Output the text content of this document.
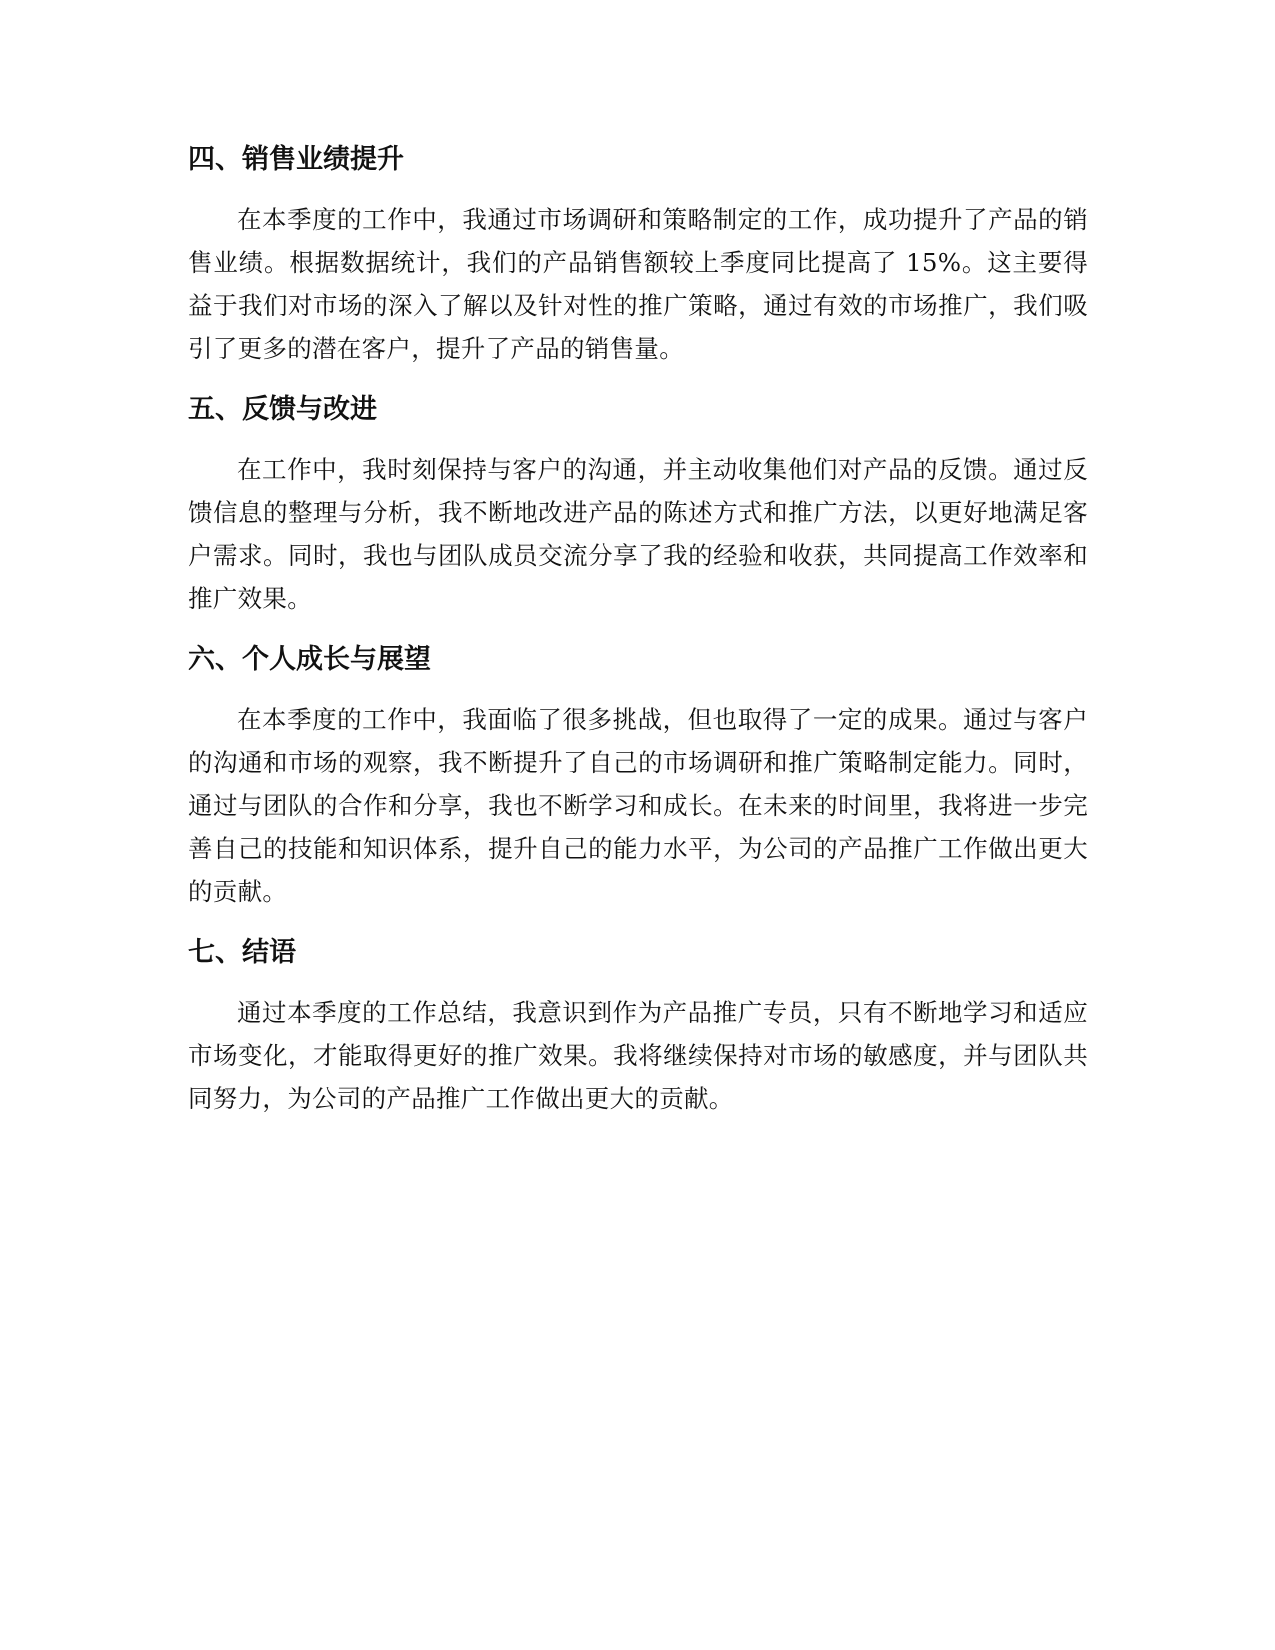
四、销售业绩提升

在本季度的工作中，我通过市场调研和策略制定的工作，成功提升了产品的销售业绩。根据数据统计，我们的产品销售额较上季度同比提高了 15%。这主要得益于我们对市场的深入了解以及针对性的推广策略，通过有效的市场推广，我们吸引了更多的潜在客户，提升了产品的销售量。

五、反馈与改进

在工作中，我时刻保持与客户的沟通，并主动收集他们对产品的反馈。通过反馈信息的整理与分析，我不断地改进产品的陈述方式和推广方法，以更好地满足客户需求。同时，我也与团队成员交流分享了我的经验和收获，共同提高工作效率和推广效果。

六、个人成长与展望

在本季度的工作中，我面临了很多挑战，但也取得了一定的成果。通过与客户的沟通和市场的观察，我不断提升了自己的市场调研和推广策略制定能力。同时，通过与团队的合作和分享，我也不断学习和成长。在未来的时间里，我将进一步完善自己的技能和知识体系，提升自己的能力水平，为公司的产品推广工作做出更大的贡献。

七、结语

通过本季度的工作总结，我意识到作为产品推广专员，只有不断地学习和适应市场变化，才能取得更好的推广效果。我将继续保持对市场的敏感度，并与团队共同努力，为公司的产品推广工作做出更大的贡献。
